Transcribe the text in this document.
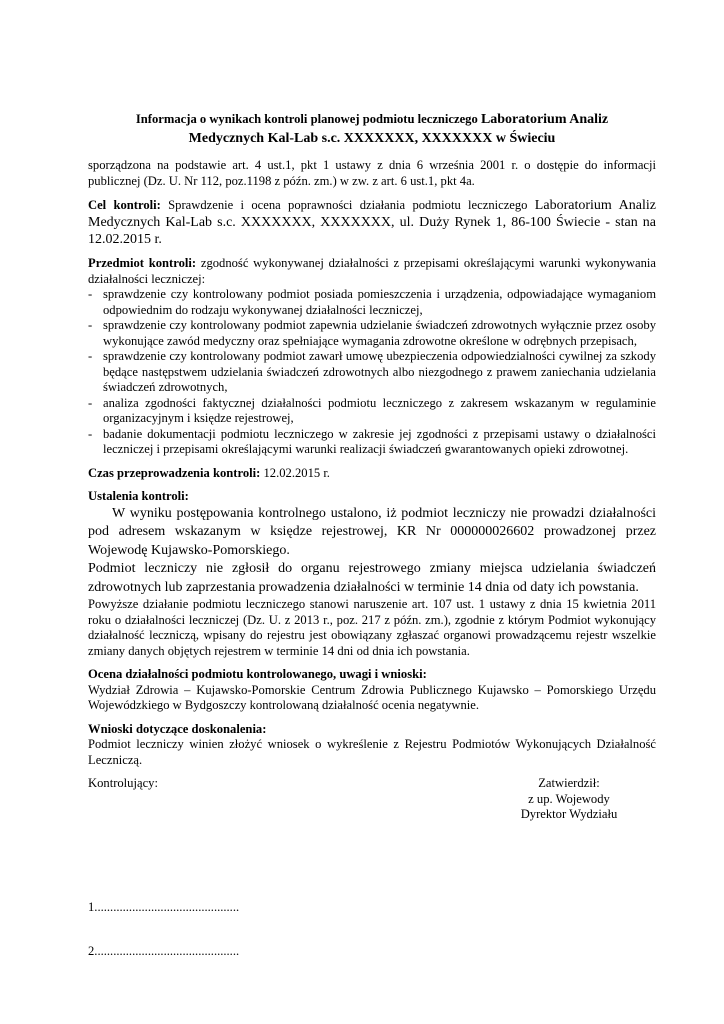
Informacja o wynikach kontroli planowej podmiotu leczniczego Laboratorium Analiz
Medycznych Kal-Lab s.c. XXXXXXX, XXXXXXX w Świeciu

sporządzona na podstawie art. 4 ust.1, pkt 1 ustawy z dnia 6 września 2001 r. o dostępie do informacji publicznej (Dz. U. Nr 112, poz.1198 z późn. zm.) w zw. z art. 6 ust.1, pkt 4a.

Cel kontroli: Sprawdzenie i ocena poprawności działania podmiotu leczniczego Laboratorium Analiz Medycznych Kal-Lab s.c. XXXXXXX, XXXXXXX, ul. Duży Rynek 1, 86-100 Świecie - stan na 12.02.2015 r.

Przedmiot kontroli: zgodność wykonywanej działalności z przepisami określającymi warunki wykonywania działalności leczniczej:
- sprawdzenie czy kontrolowany podmiot posiada pomieszczenia i urządzenia, odpowiadające wymaganiom odpowiednim do rodzaju wykonywanej działalności leczniczej,
- sprawdzenie czy kontrolowany podmiot zapewnia udzielanie świadczeń zdrowotnych wyłącznie przez osoby wykonujące zawód medyczny oraz spełniające wymagania zdrowotne określone w odrębnych przepisach,
- sprawdzenie czy kontrolowany podmiot zawarł umowę ubezpieczenia odpowiedzialności cywilnej za szkody będące następstwem udzielania świadczeń zdrowotnych albo niezgodnego z prawem zaniechania udzielania świadczeń zdrowotnych,
- analiza zgodności faktycznej działalności podmiotu leczniczego z zakresem wskazanym w regulaminie organizacyjnym i księdze rejestrowej,
- badanie dokumentacji podmiotu leczniczego w zakresie jej zgodności z przepisami ustawy o działalności leczniczej i przepisami określającymi warunki realizacji świadczeń gwarantowanych opieki zdrowotnej.

Czas przeprowadzenia kontroli: 12.02.2015 r.

Ustalenia kontroli:

W wyniku postępowania kontrolnego ustalono, iż podmiot leczniczy nie prowadzi działalności pod adresem wskazanym w księdze rejestrowej, KR Nr 000000026602 prowadzonej przez Wojewodę Kujawsko-Pomorskiego.

Podmiot leczniczy nie zgłosił do organu rejestrowego zmiany miejsca udzielania świadczeń zdrowotnych lub zaprzestania prowadzenia działalności w terminie 14 dnia od daty ich powstania.

Powyższe działanie podmiotu leczniczego stanowi naruszenie art. 107 ust. 1 ustawy z dnia 15 kwietnia 2011 roku o działalności leczniczej (Dz. U. z 2013 r., poz. 217 z późn. zm.), zgodnie z którym Podmiot wykonujący działalność leczniczą, wpisany do rejestru jest obowiązany zgłaszać organowi prowadzącemu rejestr wszelkie zmiany danych objętych rejestrem w terminie 14 dni od dnia ich powstania.

Ocena działalności podmiotu kontrolowanego, uwagi i wnioski:
Wydział Zdrowia – Kujawsko-Pomorskie Centrum Zdrowia Publicznego Kujawsko – Pomorskiego Urzędu Wojewódzkiego w Bydgoszczy kontrolowaną działalność ocenia negatywnie.
Wnioski dotyczące doskonalenia:
Podmiot leczniczy winien złożyć wniosek o wykreślenie z Rejestru Podmiotów Wykonujących Działalność Leczniczą.
Kontrolujący:	Zatwierdził:
z up. Wojewody
Dyrektor Wydziału
1..............................................
2..............................................
